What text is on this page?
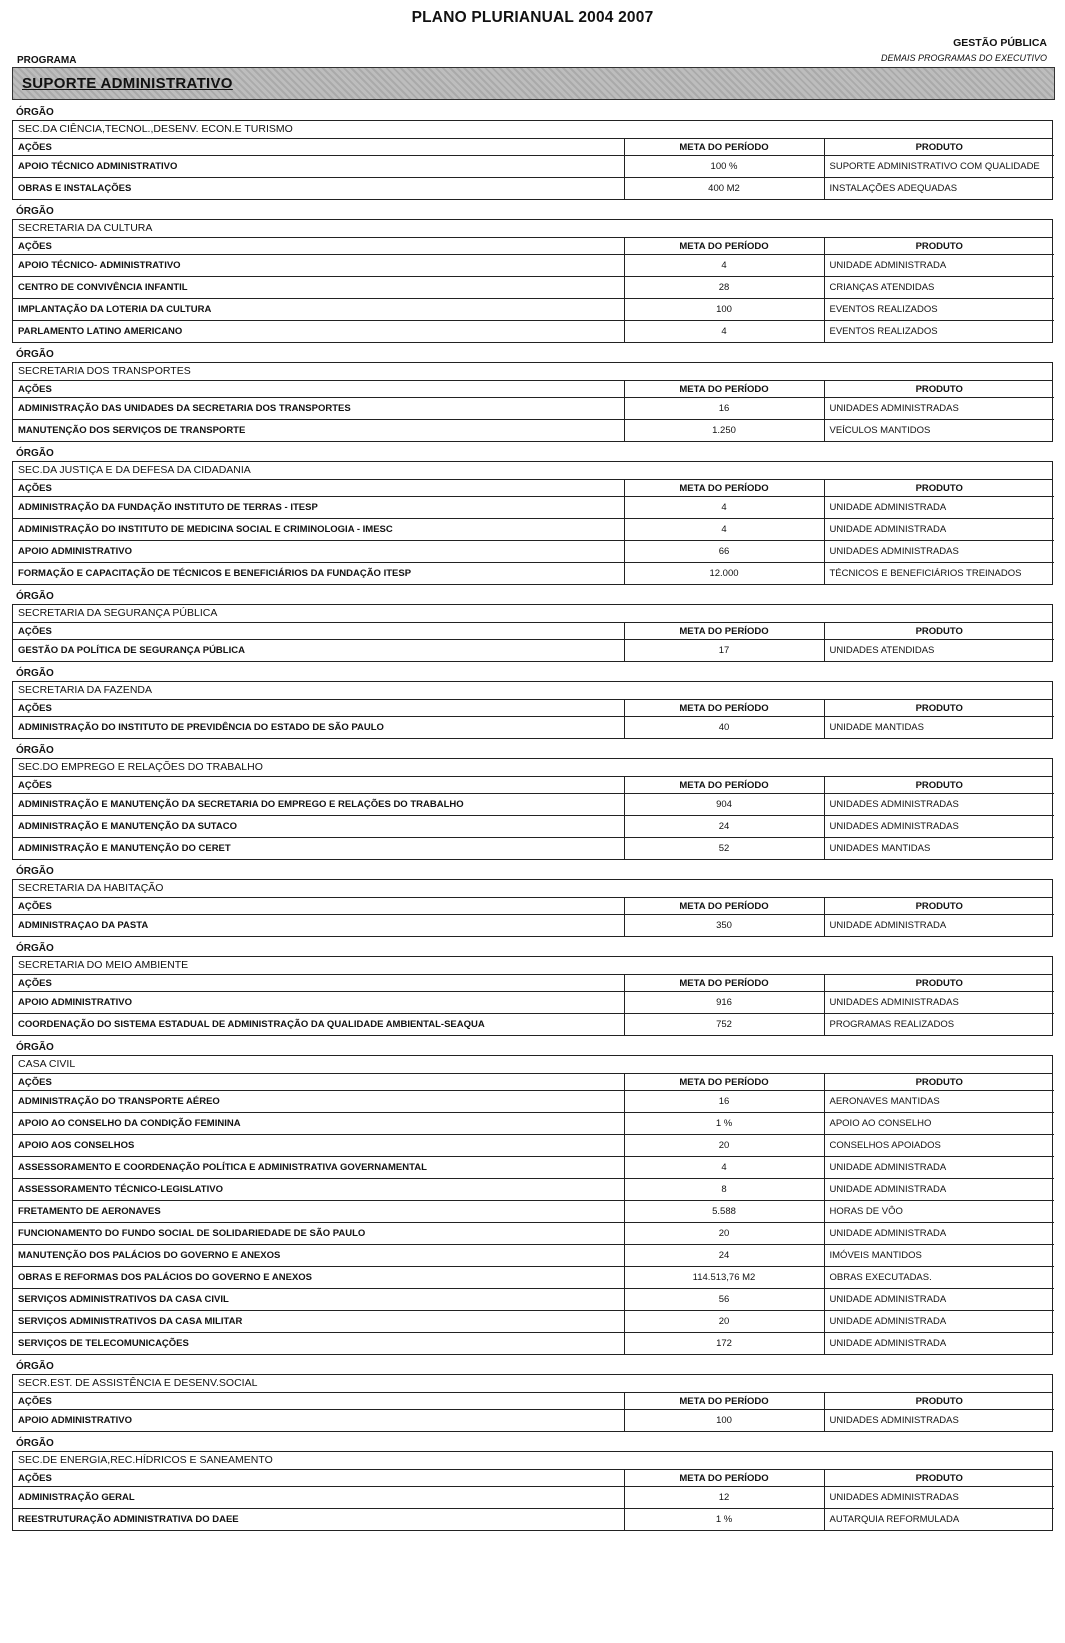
PLANO PLURIANUAL 2004 2007
GESTÃO PÚBLICA
DEMAIS PROGRAMAS DO EXECUTIVO
PROGRAMA
SUPORTE ADMINISTRATIVO
ÓRGÃO
SEC.DA CIÊNCIA,TECNOL.,DESENV. ECON.E TURISMO
AÇÕES	META DO PERÍODO	PRODUTO
APOIO TÉCNICO ADMINISTRATIVO	100 %	SUPORTE ADMINISTRATIVO COM QUALIDADE
OBRAS E INSTALAÇÕES	400 M2	INSTALAÇÕES ADEQUADAS
ÓRGÃO
SECRETARIA DA CULTURA
AÇÕES	META DO PERÍODO	PRODUTO
APOIO TÉCNICO- ADMINISTRATIVO	4	UNIDADE ADMINISTRADA
CENTRO DE CONVIVÊNCIA INFANTIL	28	CRIANÇAS ATENDIDAS
IMPLANTAÇÃO DA LOTERIA DA CULTURA	100	EVENTOS REALIZADOS
PARLAMENTO LATINO AMERICANO	4	EVENTOS REALIZADOS
ÓRGÃO
SECRETARIA DOS TRANSPORTES
AÇÕES	META DO PERÍODO	PRODUTO
ADMINISTRAÇÃO DAS UNIDADES DA SECRETARIA DOS TRANSPORTES	16	UNIDADES ADMINISTRADAS
MANUTENÇÃO DOS SERVIÇOS DE TRANSPORTE	1.250	VEÍCULOS MANTIDOS
ÓRGÃO
SEC.DA JUSTIÇA E DA DEFESA DA CIDADANIA
AÇÕES	META DO PERÍODO	PRODUTO
ADMINISTRAÇÃO DA FUNDAÇÃO INSTITUTO DE TERRAS - ITESP	4	UNIDADE ADMINISTRADA
ADMINISTRAÇÃO DO INSTITUTO DE MEDICINA SOCIAL E CRIMINOLOGIA - IMESC	4	UNIDADE ADMINISTRADA
APOIO ADMINISTRATIVO	66	UNIDADES ADMINISTRADAS
FORMAÇÃO E CAPACITAÇÃO DE TÉCNICOS E BENEFICIÁRIOS DA FUNDAÇÃO ITESP	12.000	TÉCNICOS E BENEFICIÁRIOS TREINADOS
ÓRGÃO
SECRETARIA DA SEGURANÇA PÚBLICA
AÇÕES	META DO PERÍODO	PRODUTO
GESTÃO DA POLÍTICA DE SEGURANÇA PÚBLICA	17	UNIDADES ATENDIDAS
ÓRGÃO
SECRETARIA DA FAZENDA
AÇÕES	META DO PERÍODO	PRODUTO
ADMINISTRAÇÃO DO INSTITUTO DE PREVIDÊNCIA DO ESTADO DE SÃO PAULO	40	UNIDADE MANTIDAS
ÓRGÃO
SEC.DO EMPREGO E RELAÇÕES DO TRABALHO
AÇÕES	META DO PERÍODO	PRODUTO
ADMINISTRAÇÃO E MANUTENÇÃO DA SECRETARIA DO EMPREGO E RELAÇÕES DO TRABALHO	904	UNIDADES ADMINISTRADAS
ADMINISTRAÇÃO E MANUTENÇÃO DA SUTACO	24	UNIDADES ADMINISTRADAS
ADMINISTRAÇÃO E MANUTENÇÃO DO CERET	52	UNIDADES MANTIDAS
ÓRGÃO
SECRETARIA DA HABITAÇÃO
AÇÕES	META DO PERÍODO	PRODUTO
ADMINISTRAÇAO DA PASTA	350	UNIDADE ADMINISTRADA
ÓRGÃO
SECRETARIA DO MEIO AMBIENTE
AÇÕES	META DO PERÍODO	PRODUTO
APOIO ADMINISTRATIVO	916	UNIDADES ADMINISTRADAS
COORDENAÇÃO DO SISTEMA ESTADUAL DE ADMINISTRAÇÃO DA QUALIDADE AMBIENTAL-SEAQUA	752	PROGRAMAS REALIZADOS
ÓRGÃO
CASA CIVIL
AÇÕES	META DO PERÍODO	PRODUTO
ADMINISTRAÇÃO DO TRANSPORTE AÉREO	16	AERONAVES MANTIDAS
APOIO AO CONSELHO DA CONDIÇÃO FEMININA	1 %	APOIO AO CONSELHO
APOIO AOS CONSELHOS	20	CONSELHOS APOIADOS
ASSESSORAMENTO E COORDENAÇÃO POLÍTICA E ADMINISTRATIVA GOVERNAMENTAL	4	UNIDADE ADMINISTRADA
ASSESSORAMENTO TÉCNICO-LEGISLATIVO	8	UNIDADE ADMINISTRADA
FRETAMENTO DE AERONAVES	5.588	HORAS DE VÔO
FUNCIONAMENTO DO FUNDO SOCIAL DE SOLIDARIEDADE DE SÃO PAULO	20	UNIDADE ADMINISTRADA
MANUTENÇÃO DOS PALÁCIOS DO GOVERNO E ANEXOS	24	IMÓVEIS MANTIDOS
OBRAS E REFORMAS DOS PALÁCIOS DO GOVERNO E ANEXOS	114.513,76 M2	OBRAS EXECUTADAS.
SERVIÇOS ADMINISTRATIVOS DA CASA CIVIL	56	UNIDADE ADMINISTRADA
SERVIÇOS ADMINISTRATIVOS DA CASA MILITAR	20	UNIDADE ADMINISTRADA
SERVIÇOS DE TELECOMUNICAÇÕES	172	UNIDADE ADMINISTRADA
ÓRGÃO
SECR.EST. DE ASSISTÊNCIA E DESENV.SOCIAL
AÇÕES	META DO PERÍODO	PRODUTO
APOIO ADMINISTRATIVO	100	UNIDADES ADMINISTRADAS
ÓRGÃO
SEC.DE ENERGIA,REC.HÍDRICOS E SANEAMENTO
AÇÕES	META DO PERÍODO	PRODUTO
ADMINISTRAÇÃO GERAL	12	UNIDADES ADMINISTRADAS
REESTRUTURAÇÃO ADMINISTRATIVA DO DAEE	1 %	AUTARQUIA REFORMULADA
